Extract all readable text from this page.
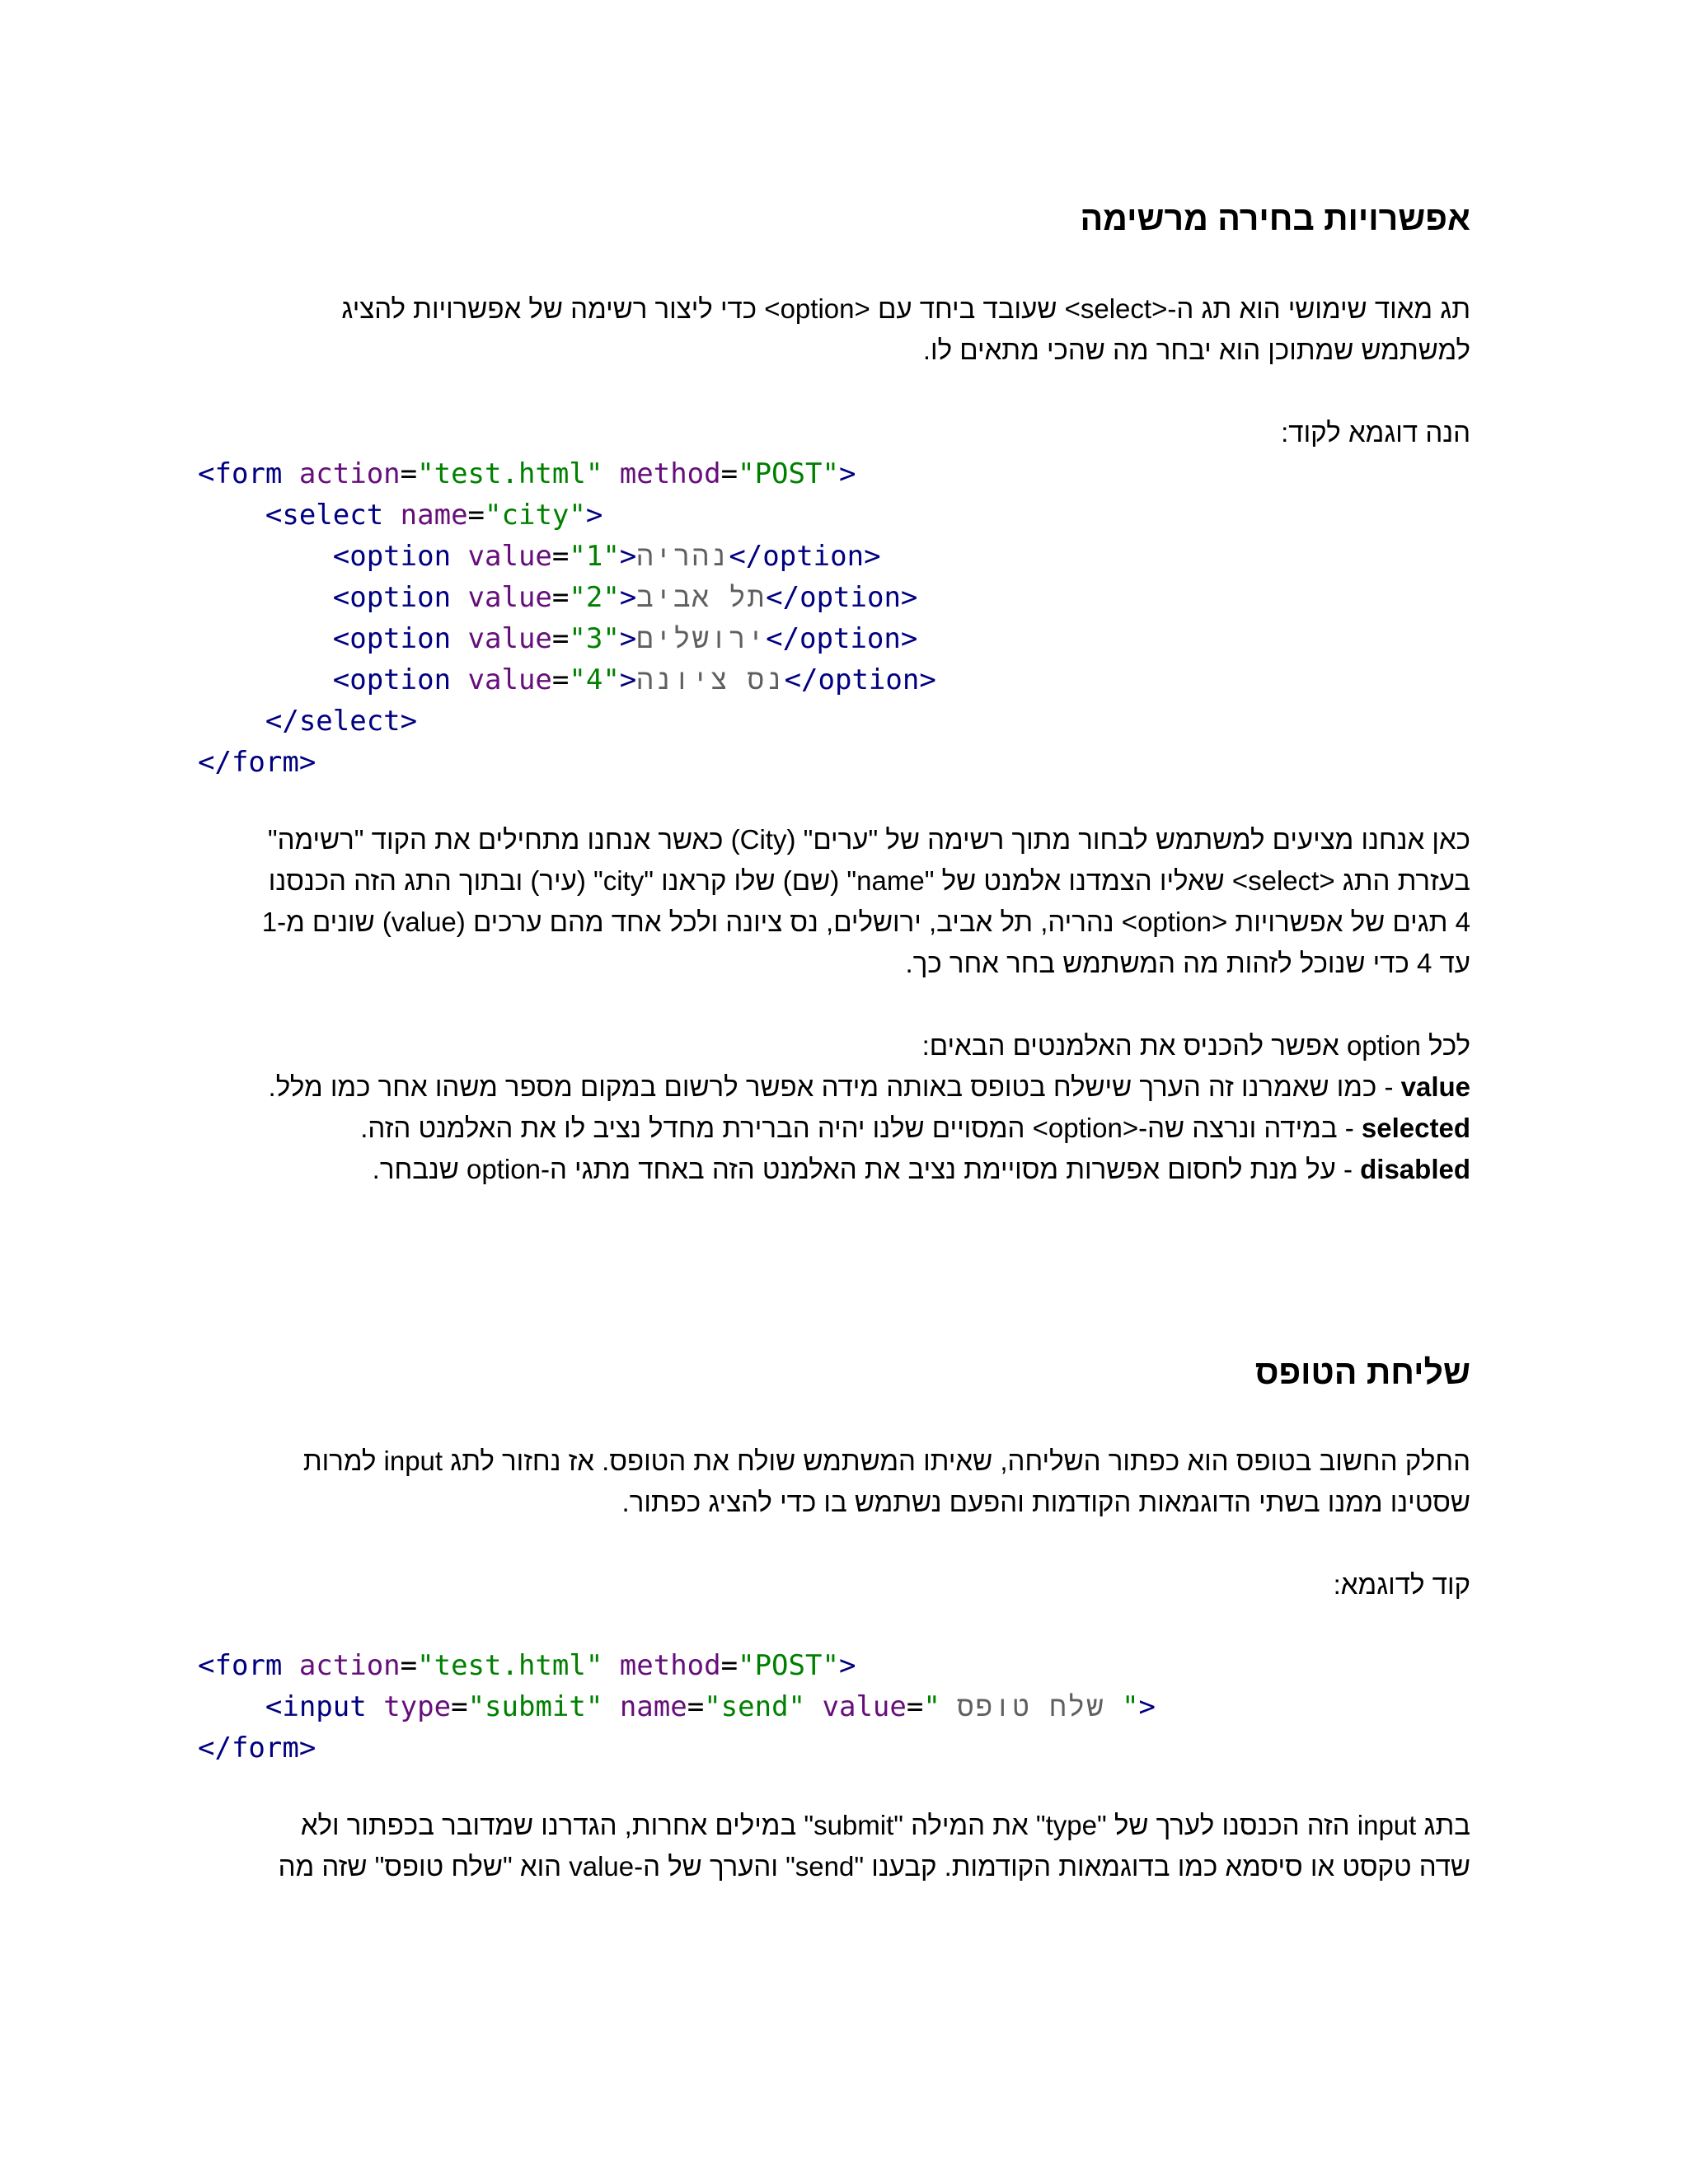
אפשרויות בחירה מרשימה

תג מאוד שימושי הוא תג ה-<select> שעובד ביחד עם <option> כדי ליצור רשימה של אפשרויות להציג
למשתמש שמתוכן הוא יבחר מה שהכי מתאים לו.

הנה דוגמא לקוד:

<form action="test.html" method="POST">
<select name="city">
<option value="1">נהריה</option>
<option value="2">תל אביב</option>
<option value="3">ירושלים</option>
<option value="4">נס ציונה</option>
</select>
</form>

כאן אנחנו מציעים למשתמש לבחור מתוך רשימה של "ערים" (City) כאשר אנחנו מתחילים את הקוד "רשימה"
בעזרת התג <select> שאליו הצמדנו אלמנט של "name" (שם) שלו קראנו "city" (עיר) ובתוך התג הזה הכנסנו
4 תגים של אפשרויות <option> נהריה, תל אביב, ירושלים, נס ציונה ולכל אחד מהם ערכים (value) שונים מ-1
עד 4 כדי שנוכל לזהות מה המשתמש בחר אחר כך.

לכל option אפשר להכניס את האלמנטים הבאים:
value - כמו שאמרנו זה הערך שישלח בטופס באותה מידה אפשר לרשום במקום מספר משהו אחר כמו מלל.
selected - במידה ונרצה שה-<option> המסויים שלנו יהיה הברירת מחדל נציב לו את האלמנט הזה.
disabled - על מנת לחסום אפשרות מסויימת נציב את האלמנט הזה באחד מתגי ה-option שנבחר.

שליחת הטופס

החלק החשוב בטופס הוא כפתור השליחה, שאיתו המשתמש שולח את הטופס. אז נחזור לתג input למרות
שסטינו ממנו בשתי הדוגמאות הקודמות והפעם נשתמש בו כדי להציג כפתור.

קוד לדוגמא:

<form action="test.html" method="POST">
<input type="submit" name="send" value=" שלח טופס ">
</form>

בתג input הזה הכנסנו לערך של "type" את המילה "submit" במילים אחרות, הגדרנו שמדובר בכפתור ולא
שדה טקסט או סיסמא כמו בדוגמאות הקודמות. קבענו "send" והערך של ה-value הוא "שלח טופס" שזה מה
